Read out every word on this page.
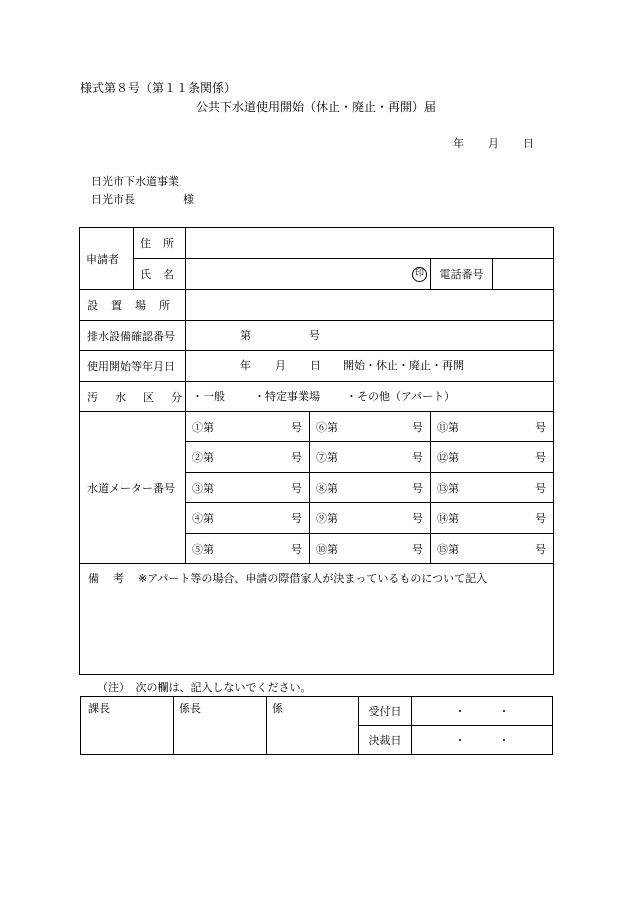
様式第８号（第１１条関係）
公共下水道使用開始（休止・廃止・再開）届
年 月 日
日光市下水道事業
日光市長	様
申請者	住所				

	氏名	印		電話番号	

設置場所					

排水設備確認番号		第 号			

使用開始等年月日		年 月 日 開始・休止・廃止・再開			

汚水区分		・一般 ・特定事業場 ・その他（アパート）			

水道メーター番号		①第 号	⑥第 号	⑪第 号	

		②第 号	⑦第 号	⑫第 号	

		③第 号	⑧第 号	⑬第 号	

		④第 号	⑨第 号	⑭第 号	

		⑤第 号	⑩第 号	⑮第 号	

備考※アパート等の場合、申請の際借家人が決まっているものについて記入					
（注）　次の欄は、記入しないでください。
課長	係長	係	受付日	・　　　・
			決裁日	・　　　・
